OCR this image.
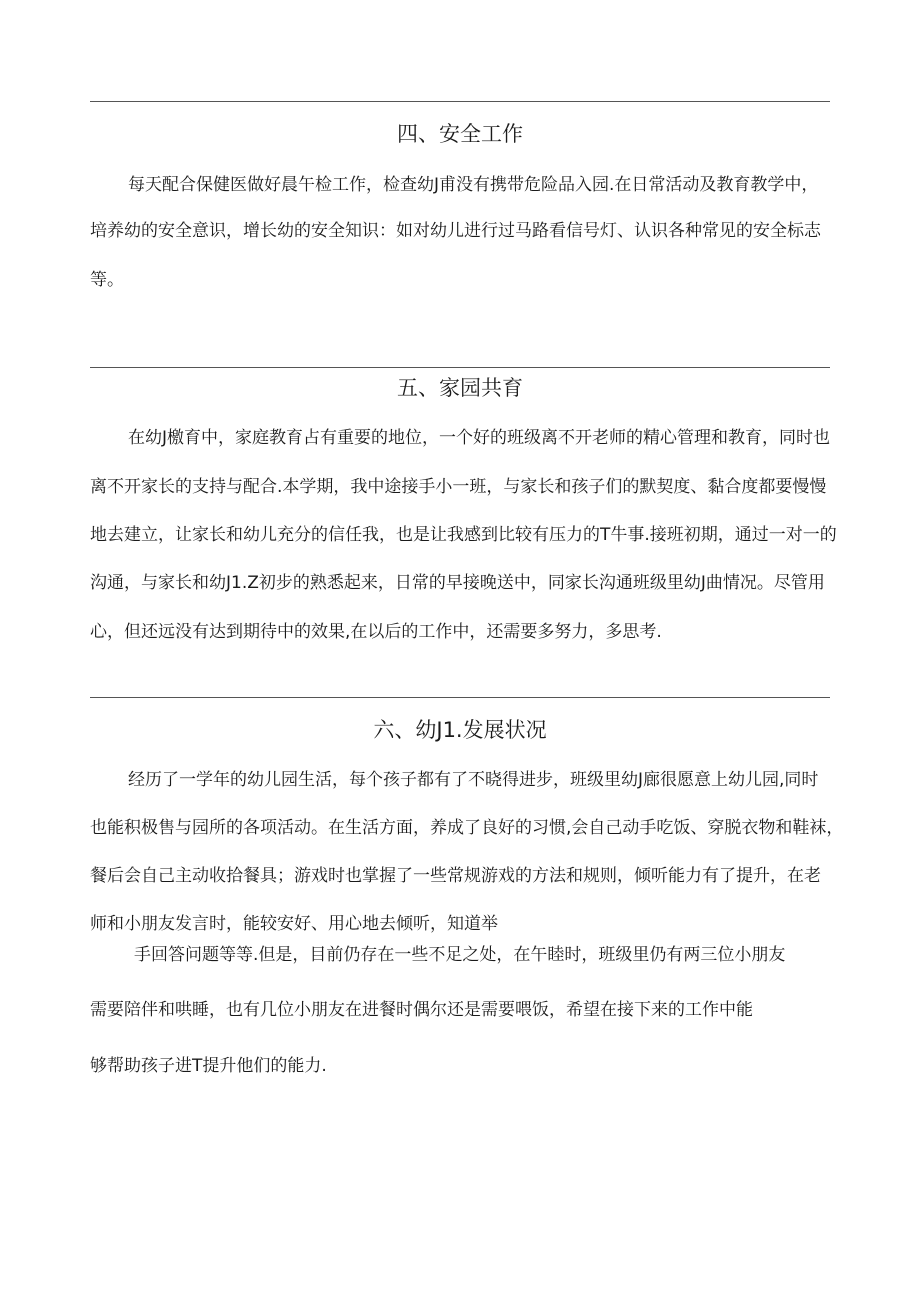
四、安全工作

每天配合保健医做好晨午检工作，检查幼J甫没有携带危险品入园.在日常活动及教育教学中，

培养幼的安全意识，增长幼的安全知识：如对幼儿进行过马路看信号灯、认识各种常见的安全标志

等。

五、家园共育

在幼J檄育中，家庭教育占有重要的地位，一个好的班级离不开老师的精心管理和教育，同时也

离不开家长的支持与配合.本学期，我中途接手小一班，与家长和孩子们的默契度、黏合度都要慢慢

地去建立，让家长和幼儿充分的信任我，也是让我感到比较有压力的T牛事.接班初期，通过一对一的

沟通，与家长和幼J1.Z初步的熟悉起来，日常的早接晚送中，同家长沟通班级里幼J曲情况。尽管用

心，但还远没有达到期待中的效果,在以后的工作中，还需要多努力，多思考.

六、幼J1.发展状况

经历了一学年的幼儿园生活，每个孩子都有了不晓得进步，班级里幼J廊很愿意上幼儿园,同时

也能积极售与园所的各项活动。在生活方面，养成了良好的习惯,会自己动手吃饭、穿脱衣物和鞋袜，

餐后会自己主动收拾餐具；游戏时也掌握了一些常规游戏的方法和规则，倾听能力有了提升，在老

师和小朋友发言时，能较安好、用心地去倾听，知道举

手回答问题等等.但是，目前仍存在一些不足之处，在午睦时，班级里仍有两三位小朋友

需要陪伴和哄睡，也有几位小朋友在进餐时偶尔还是需要喂饭，希望在接下来的工作中能

够帮助孩子进T提升他们的能力.
